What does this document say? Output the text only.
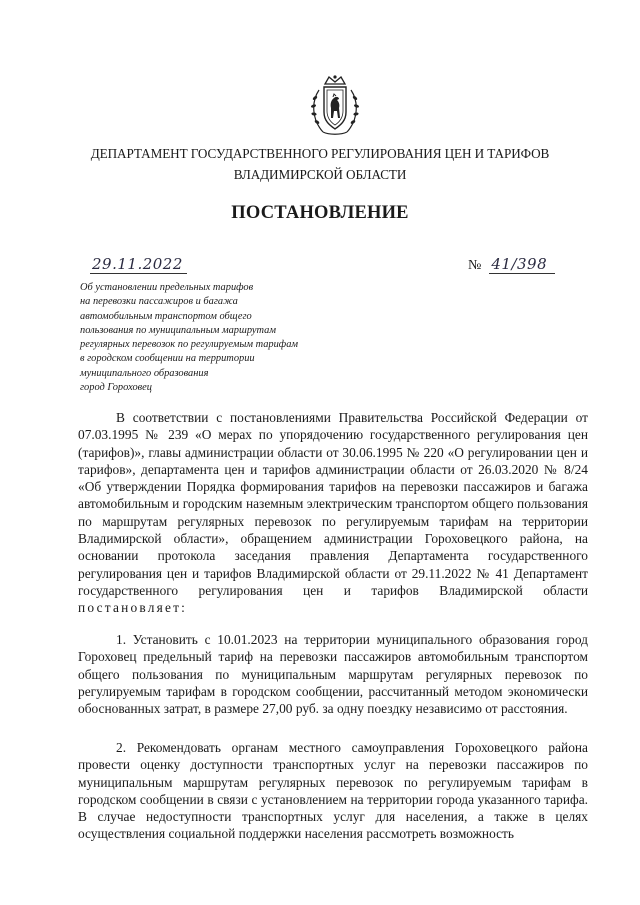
ДЕПАРТАМЕНТ ГОСУДАРСТВЕННОГО РЕГУЛИРОВАНИЯ ЦЕН И ТАРИФОВ
ВЛАДИМИРСКОЙ ОБЛАСТИ
ПОСТАНОВЛЕНИЕ
29.11.2022	№ 41/398
Об установлении предельных тарифов
на перевозки пассажиров и багажа
автомобильным транспортом общего
пользования по муниципальным маршрутам
регулярных перевозок по регулируемым тарифам
в городском сообщении на территории
муниципального образования
город Гороховец
В соответствии с постановлениями Правительства Российской Федерации от 07.03.1995 № 239 «О мерах по упорядочению государственного регулирования цен (тарифов)», главы администрации области от 30.06.1995 № 220 «О регулировании цен и тарифов», департамента цен и тарифов администрации области от 26.03.2020 № 8/24 «Об утверждении Порядка формирования тарифов на перевозки пассажиров и багажа автомобильным и городским наземным электрическим транспортом общего пользования по маршрутам регулярных перевозок по регулируемым тарифам на территории Владимирской области», обращением администрации Гороховецкого района, на основании протокола заседания правления Департамента государственного регулирования цен и тарифов Владимирской области от 29.11.2022 № 41 Департамент государственного регулирования цен и тарифов Владимирской области постановляет:
1. Установить с 10.01.2023 на территории муниципального образования город Гороховец предельный тариф на перевозки пассажиров автомобильным транспортом общего пользования по муниципальным маршрутам регулярных перевозок по регулируемым тарифам в городском сообщении, рассчитанный методом экономически обоснованных затрат, в размере 27,00 руб. за одну поездку независимо от расстояния.
2. Рекомендовать органам местного самоуправления Гороховецкого района провести оценку доступности транспортных услуг на перевозки пассажиров по муниципальным маршрутам регулярных перевозок по регулируемым тарифам в городском сообщении в связи с установлением на территории города указанного тарифа. В случае недоступности транспортных услуг для населения, а также в целях осуществления социальной поддержки населения рассмотреть возможность
